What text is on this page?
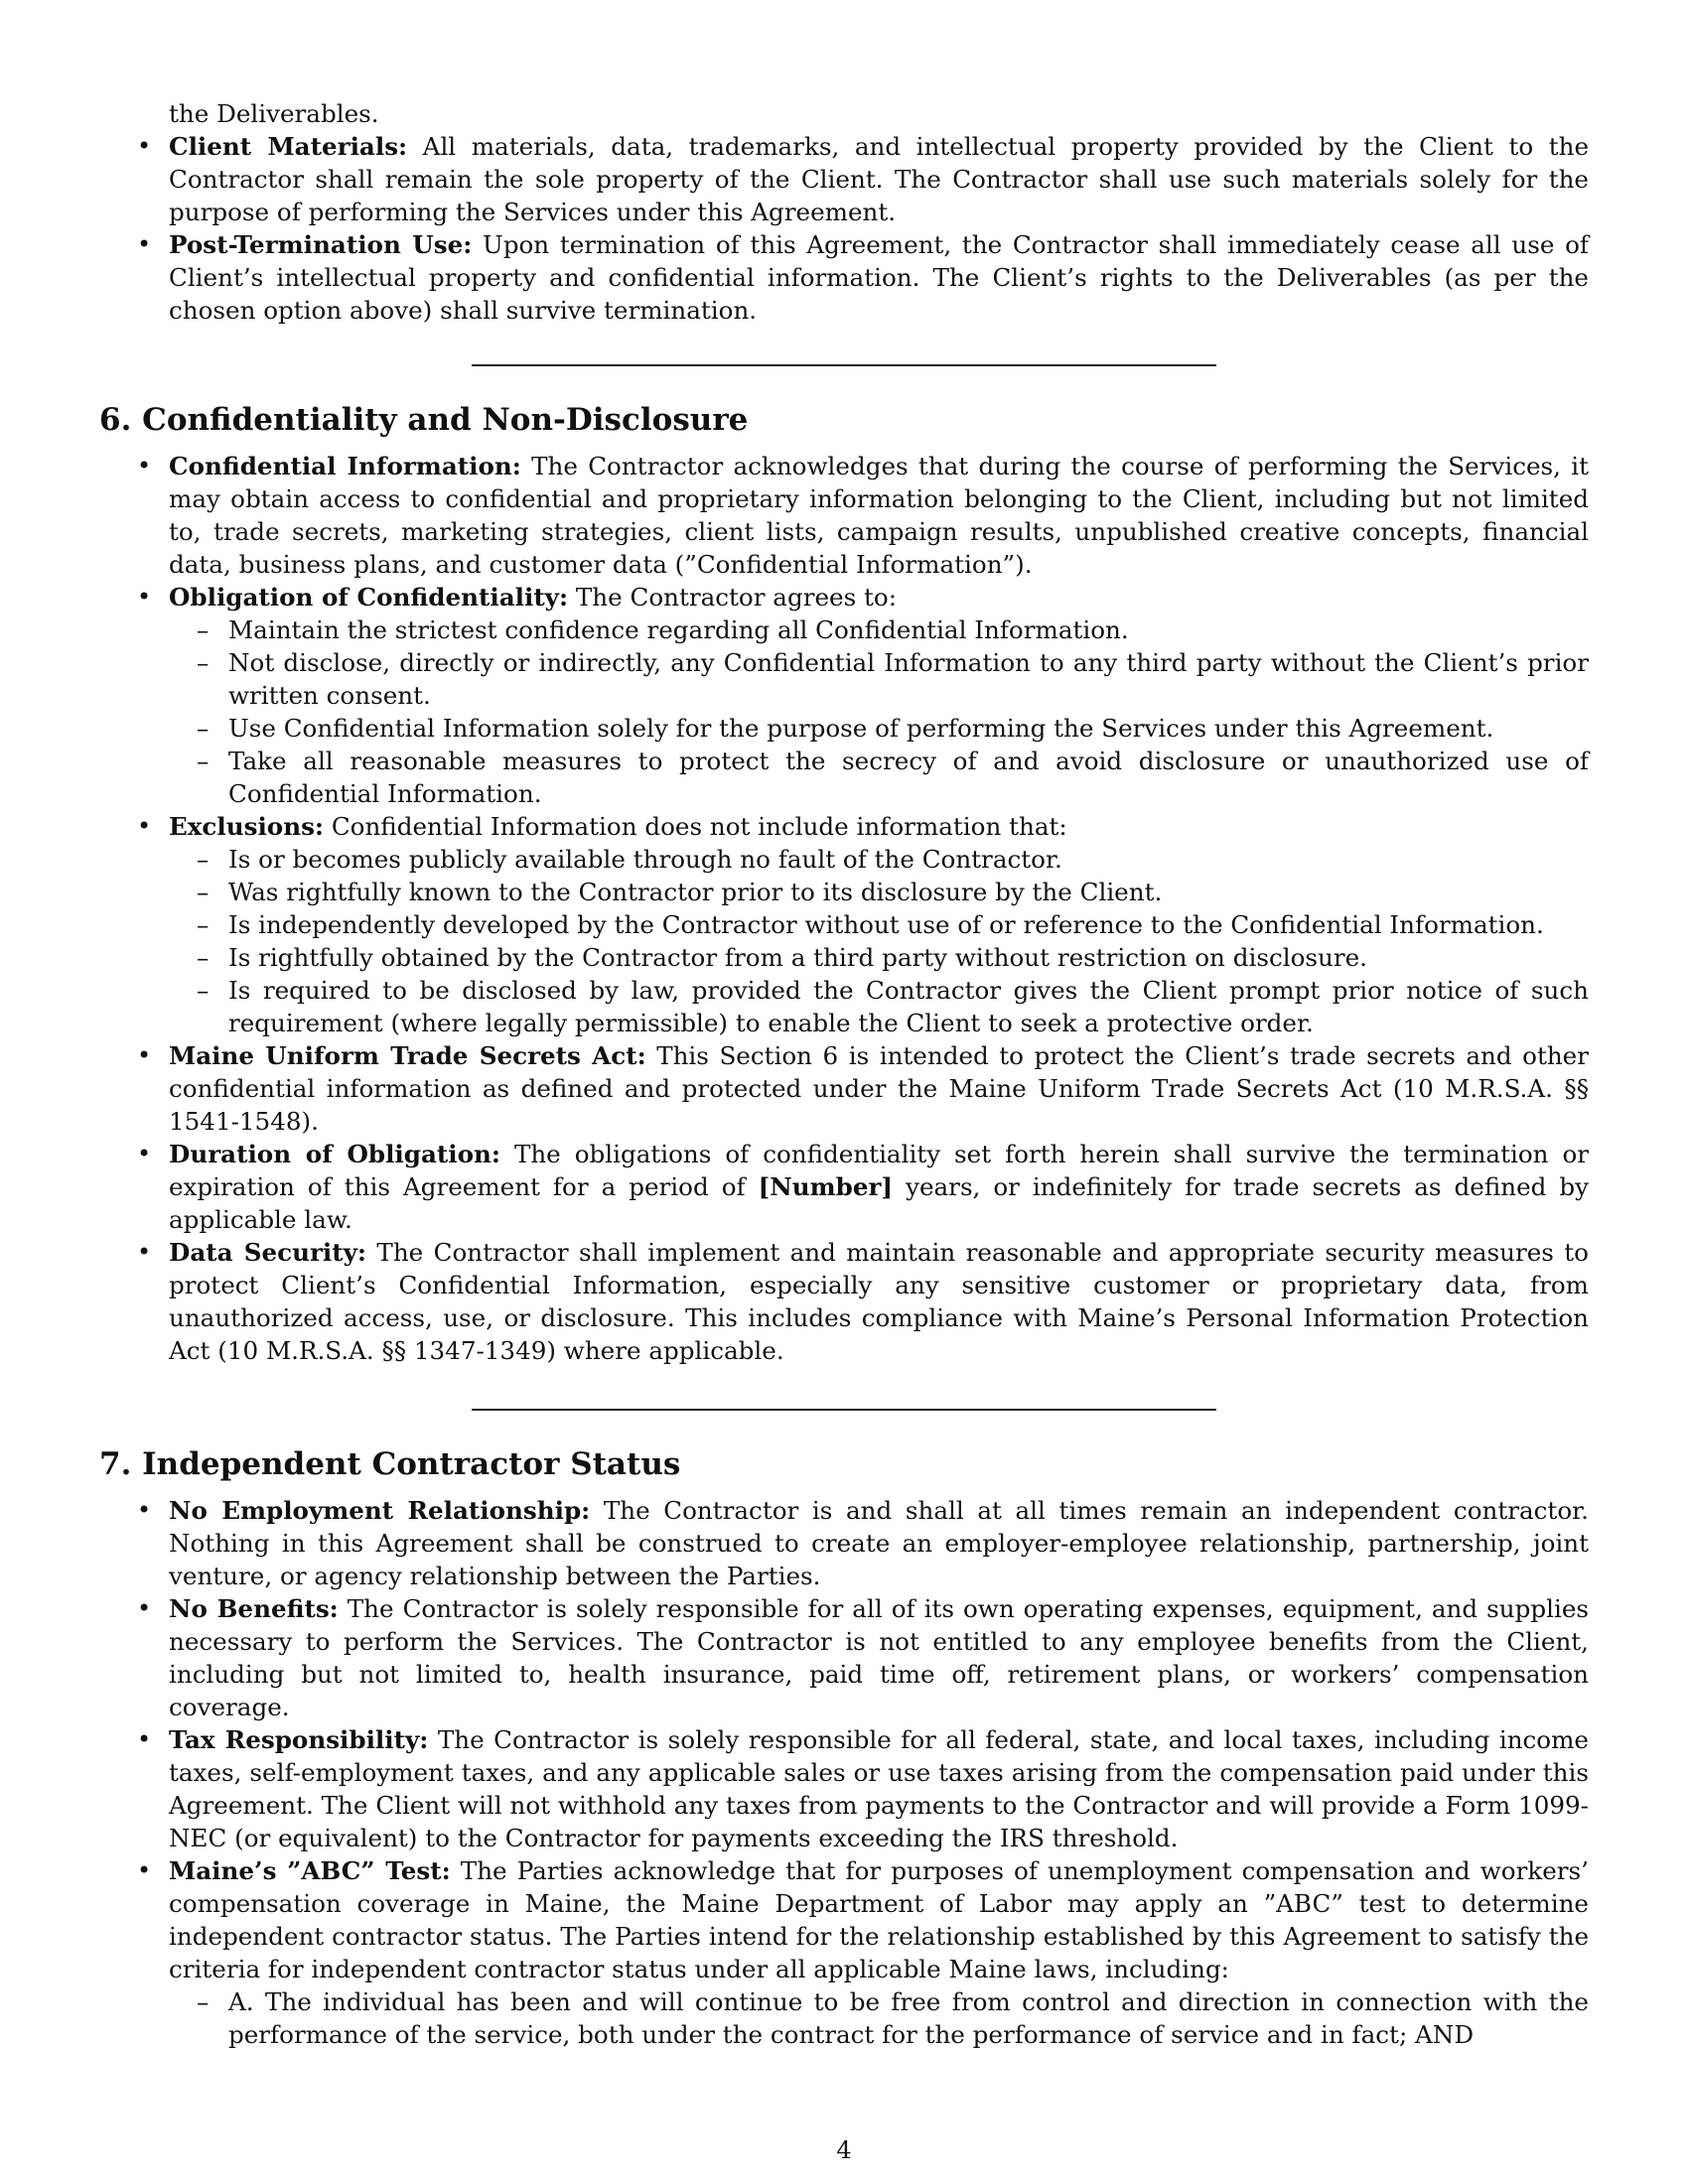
the Deliverables.
• Client Materials: All materials, data, trademarks, and intellectual property provided by the Client to the Contractor shall remain the sole property of the Client. The Contractor shall use such materials solely for the purpose of performing the Services under this Agreement.
• Post-Termination Use: Upon termination of this Agreement, the Contractor shall immediately cease all use of Client’s intellectual property and confidential information. The Client’s rights to the Deliverables (as per the chosen option above) shall survive termination.
6. Confidentiality and Non-Disclosure
• Confidential Information: The Contractor acknowledges that during the course of performing the Services, it may obtain access to confidential and proprietary information belonging to the Client, including but not limited to, trade secrets, marketing strategies, client lists, campaign results, unpublished creative concepts, financial data, business plans, and customer data (”Confidential Information”).
• Obligation of Confidentiality: The Contractor agrees to:
– Maintain the strictest confidence regarding all Confidential Information.
– Not disclose, directly or indirectly, any Confidential Information to any third party without the Client’s prior written consent.
– Use Confidential Information solely for the purpose of performing the Services under this Agreement.
– Take all reasonable measures to protect the secrecy of and avoid disclosure or unauthorized use of Confidential Information.
• Exclusions: Confidential Information does not include information that:
– Is or becomes publicly available through no fault of the Contractor.
– Was rightfully known to the Contractor prior to its disclosure by the Client.
– Is independently developed by the Contractor without use of or reference to the Confidential Information.
– Is rightfully obtained by the Contractor from a third party without restriction on disclosure.
– Is required to be disclosed by law, provided the Contractor gives the Client prompt prior notice of such requirement (where legally permissible) to enable the Client to seek a protective order.
• Maine Uniform Trade Secrets Act: This Section 6 is intended to protect the Client’s trade secrets and other confidential information as defined and protected under the Maine Uniform Trade Secrets Act (10 M.R.S.A. §§ 1541-1548).
• Duration of Obligation: The obligations of confidentiality set forth herein shall survive the termination or expiration of this Agreement for a period of [Number] years, or indefinitely for trade secrets as defined by applicable law.
• Data Security: The Contractor shall implement and maintain reasonable and appropriate security measures to protect Client’s Confidential Information, especially any sensitive customer or proprietary data, from unauthorized access, use, or disclosure. This includes compliance with Maine’s Personal Information Protection Act (10 M.R.S.A. §§ 1347-1349) where applicable.
7. Independent Contractor Status
• No Employment Relationship: The Contractor is and shall at all times remain an independent contractor. Nothing in this Agreement shall be construed to create an employer-employee relationship, partnership, joint venture, or agency relationship between the Parties.
• No Benefits: The Contractor is solely responsible for all of its own operating expenses, equipment, and supplies necessary to perform the Services. The Contractor is not entitled to any employee benefits from the Client, including but not limited to, health insurance, paid time off, retirement plans, or workers’ compensation coverage.
• Tax Responsibility: The Contractor is solely responsible for all federal, state, and local taxes, including income taxes, self-employment taxes, and any applicable sales or use taxes arising from the compensation paid under this Agreement. The Client will not withhold any taxes from payments to the Contractor and will provide a Form 1099-NEC (or equivalent) to the Contractor for payments exceeding the IRS threshold.
• Maine’s ”ABC” Test: The Parties acknowledge that for purposes of unemployment compensation and workers’ compensation coverage in Maine, the Maine Department of Labor may apply an ”ABC” test to determine independent contractor status. The Parties intend for the relationship established by this Agreement to satisfy the criteria for independent contractor status under all applicable Maine laws, including:
– A. The individual has been and will continue to be free from control and direction in connection with the performance of the service, both under the contract for the performance of service and in fact; AND
4
